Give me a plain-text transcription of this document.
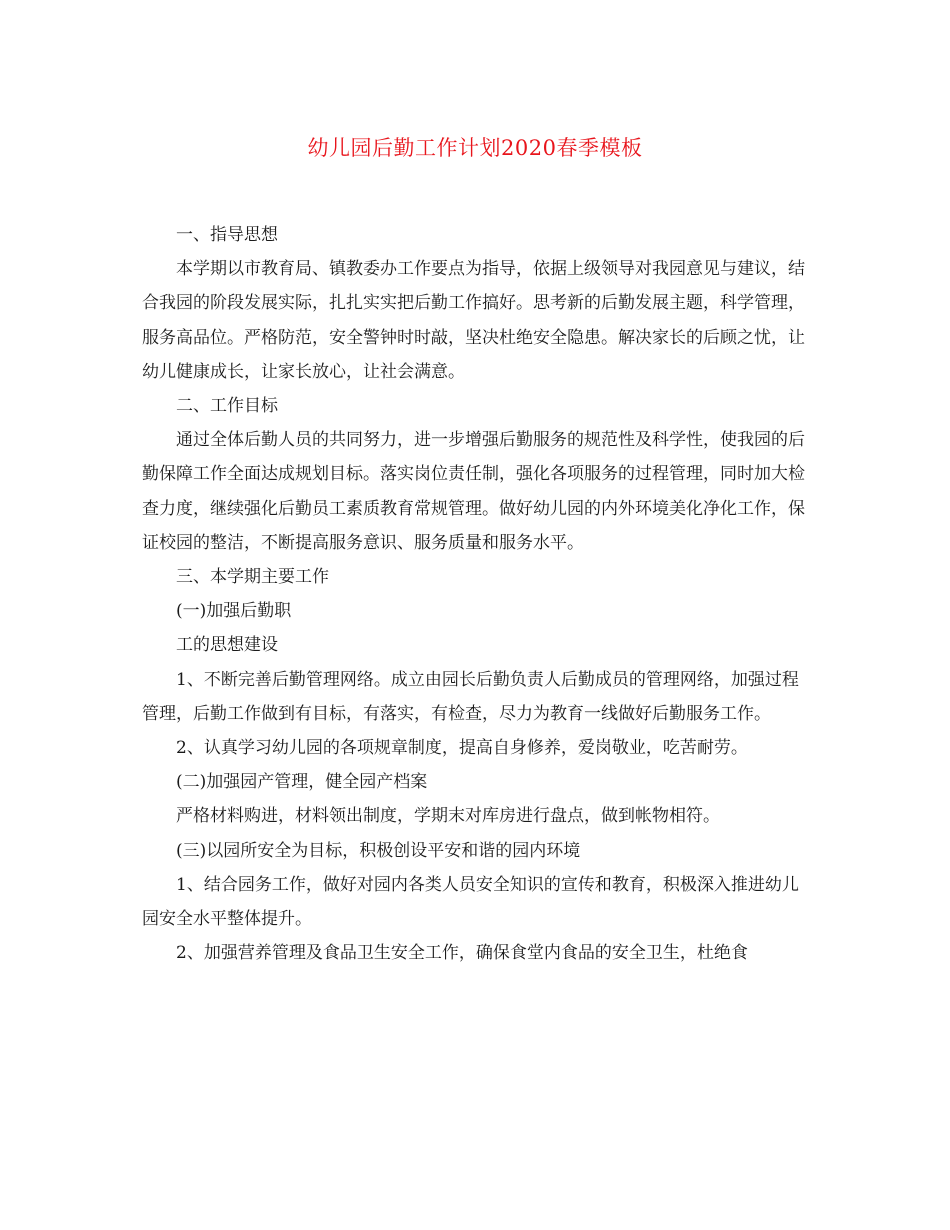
幼儿园后勤工作计划2020春季模板

一、指导思想

本学期以市教育局、镇教委办工作要点为指导，依据上级领导对我园意见与建议，结合我园的阶段发展实际，扎扎实实把后勤工作搞好。思考新的后勤发展主题，科学管理，服务高品位。严格防范，安全警钟时时敲，坚决杜绝安全隐患。解决家长的后顾之忧，让幼儿健康成长，让家长放心，让社会满意。

二、工作目标

通过全体后勤人员的共同努力，进一步增强后勤服务的规范性及科学性，使我园的后勤保障工作全面达成规划目标。落实岗位责任制，强化各项服务的过程管理，同时加大检查力度，继续强化后勤员工素质教育常规管理。做好幼儿园的内外环境美化净化工作，保证校园的整洁，不断提高服务意识、服务质量和服务水平。

三、本学期主要工作

(一)加强后勤职

工的思想建设

1、不断完善后勤管理网络。成立由园长后勤负责人后勤成员的管理网络，加强过程管理，后勤工作做到有目标，有落实，有检查，尽力为教育一线做好后勤服务工作。

2、认真学习幼儿园的各项规章制度，提高自身修养，爱岗敬业，吃苦耐劳。

(二)加强园产管理，健全园产档案

严格材料购进，材料领出制度，学期末对库房进行盘点，做到帐物相符。

(三)以园所安全为目标，积极创设平安和谐的园内环境

1、结合园务工作，做好对园内各类人员安全知识的宣传和教育，积极深入推进幼儿园安全水平整体提升。

2、加强营养管理及食品卫生安全工作，确保食堂内食品的安全卫生，杜绝食
